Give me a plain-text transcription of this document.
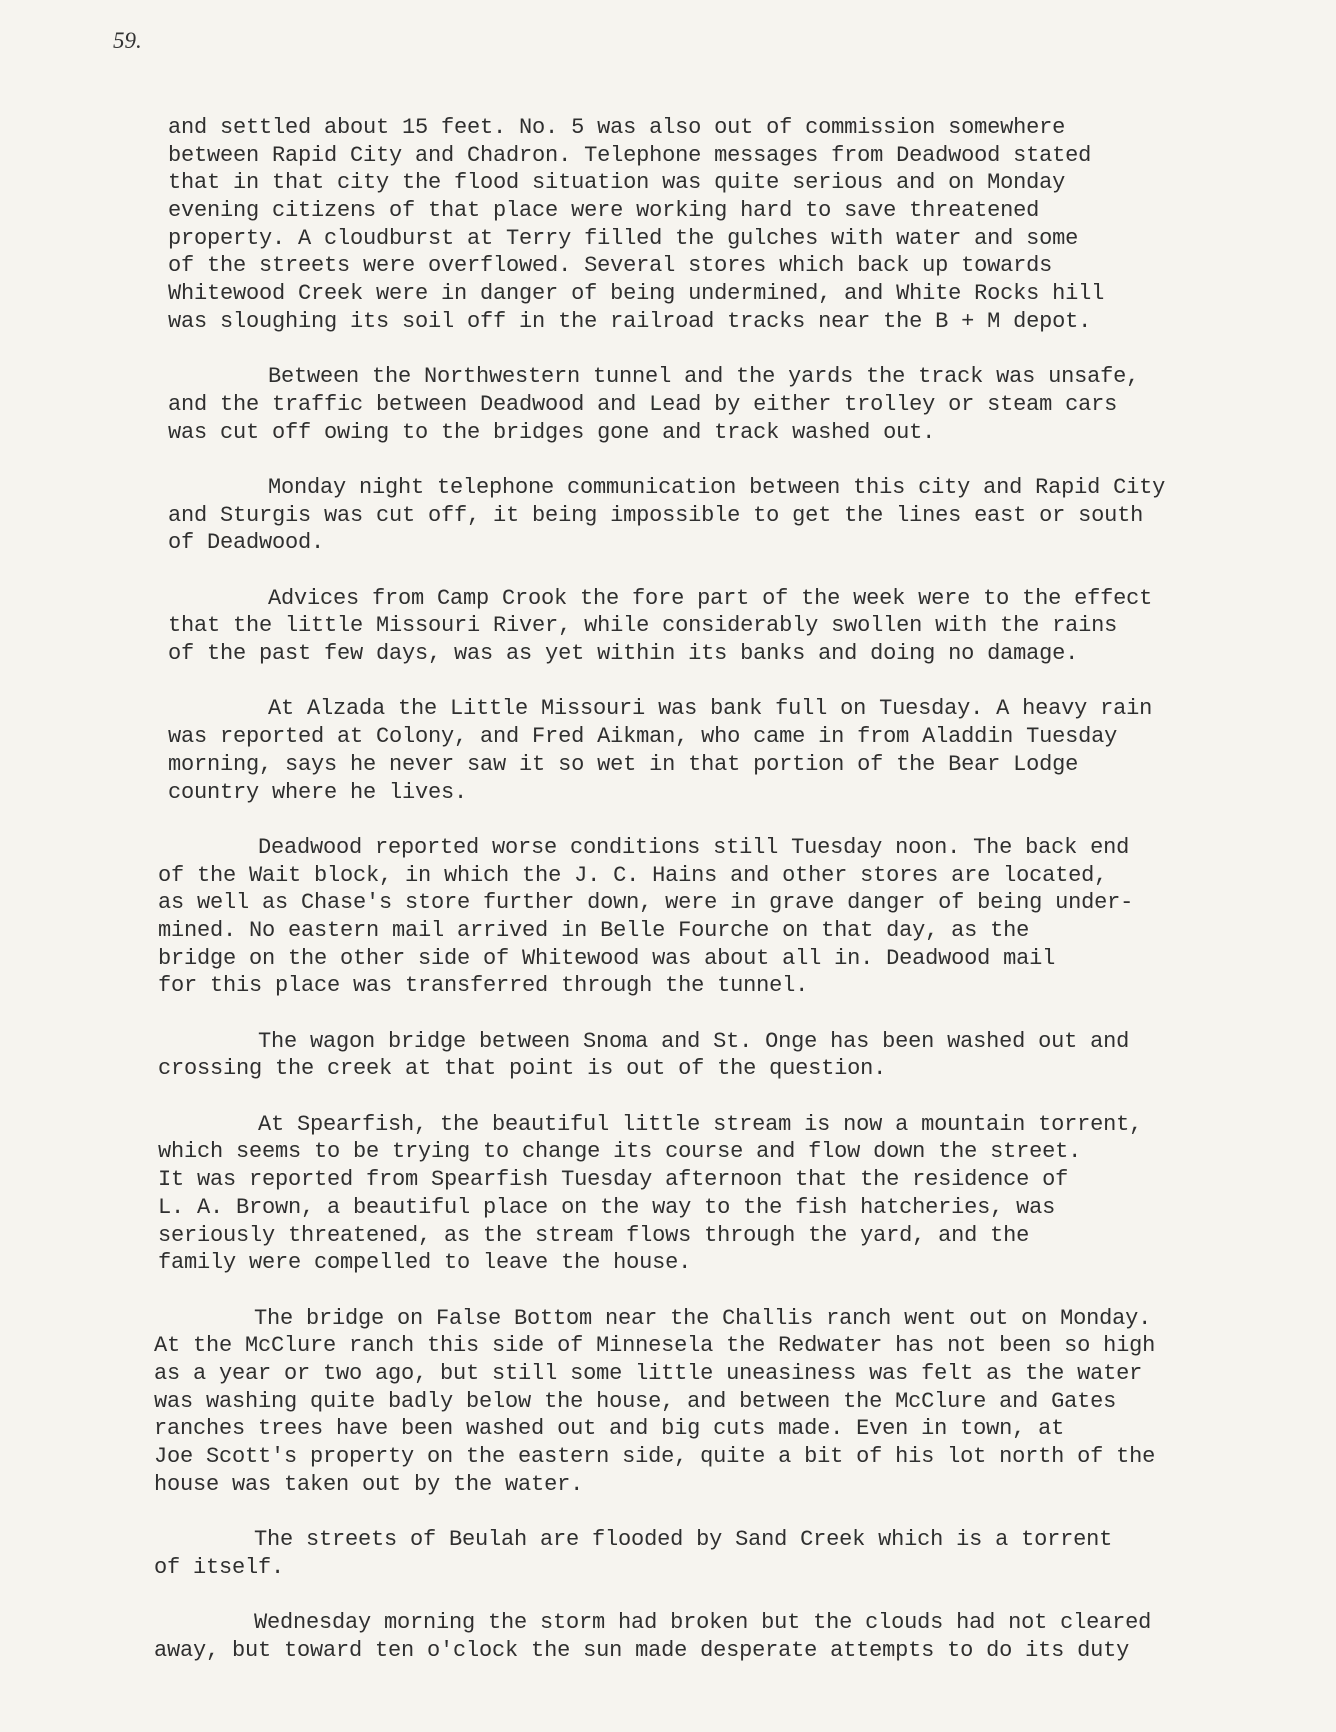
59.
and settled about 15 feet. No. 5 was also out of commission somewhere
between Rapid City and Chadron. Telephone messages from Deadwood stated
that in that city the flood situation was quite serious and on Monday
evening citizens of that place were working hard to save threatened
property. A cloudburst at Terry filled the gulches with water and some
of the streets were overflowed. Several stores which back up towards
Whitewood Creek were in danger of being undermined, and White Rocks hill
was sloughing its soil off in the railroad tracks near the B + M depot.
Between the Northwestern tunnel and the yards the track was unsafe,
and the traffic between Deadwood and Lead by either trolley or steam cars
was cut off owing to the bridges gone and track washed out.
Monday night telephone communication between this city and Rapid City
and Sturgis was cut off, it being impossible to get the lines east or south
of Deadwood.
Advices from Camp Crook the fore part of the week were to the effect
that the little Missouri River, while considerably swollen with the rains
of the past few days, was as yet within its banks and doing no damage.
At Alzada the Little Missouri was bank full on Tuesday. A heavy rain
was reported at Colony, and Fred Aikman, who came in from Aladdin Tuesday
morning, says he never saw it so wet in that portion of the Bear Lodge
country where he lives.
Deadwood reported worse conditions still Tuesday noon. The back end
of the Wait block, in which the J. C. Hains and other stores are located,
as well as Chase's store further down, were in grave danger of being under-
mined. No eastern mail arrived in Belle Fourche on that day, as the
bridge on the other side of Whitewood was about all in. Deadwood mail
for this place was transferred through the tunnel.
The wagon bridge between Snoma and St. Onge has been washed out and
crossing the creek at that point is out of the question.
At Spearfish, the beautiful little stream is now a mountain torrent,
which seems to be trying to change its course and flow down the street.
It was reported from Spearfish Tuesday afternoon that the residence of
L. A. Brown, a beautiful place on the way to the fish hatcheries, was
seriously threatened, as the stream flows through the yard, and the
family were compelled to leave the house.
The bridge on False Bottom near the Challis ranch went out on Monday.
At the McClure ranch this side of Minnesela the Redwater has not been so high
as a year or two ago, but still some little uneasiness was felt as the water
was washing quite badly below the house, and between the McClure and Gates
ranches trees have been washed out and big cuts made. Even in town, at
Joe Scott's property on the eastern side, quite a bit of his lot north of the
house was taken out by the water.
The streets of Beulah are flooded by Sand Creek which is a torrent
of itself.
Wednesday morning the storm had broken but the clouds had not cleared
away, but toward ten o'clock the sun made desperate attempts to do its duty
